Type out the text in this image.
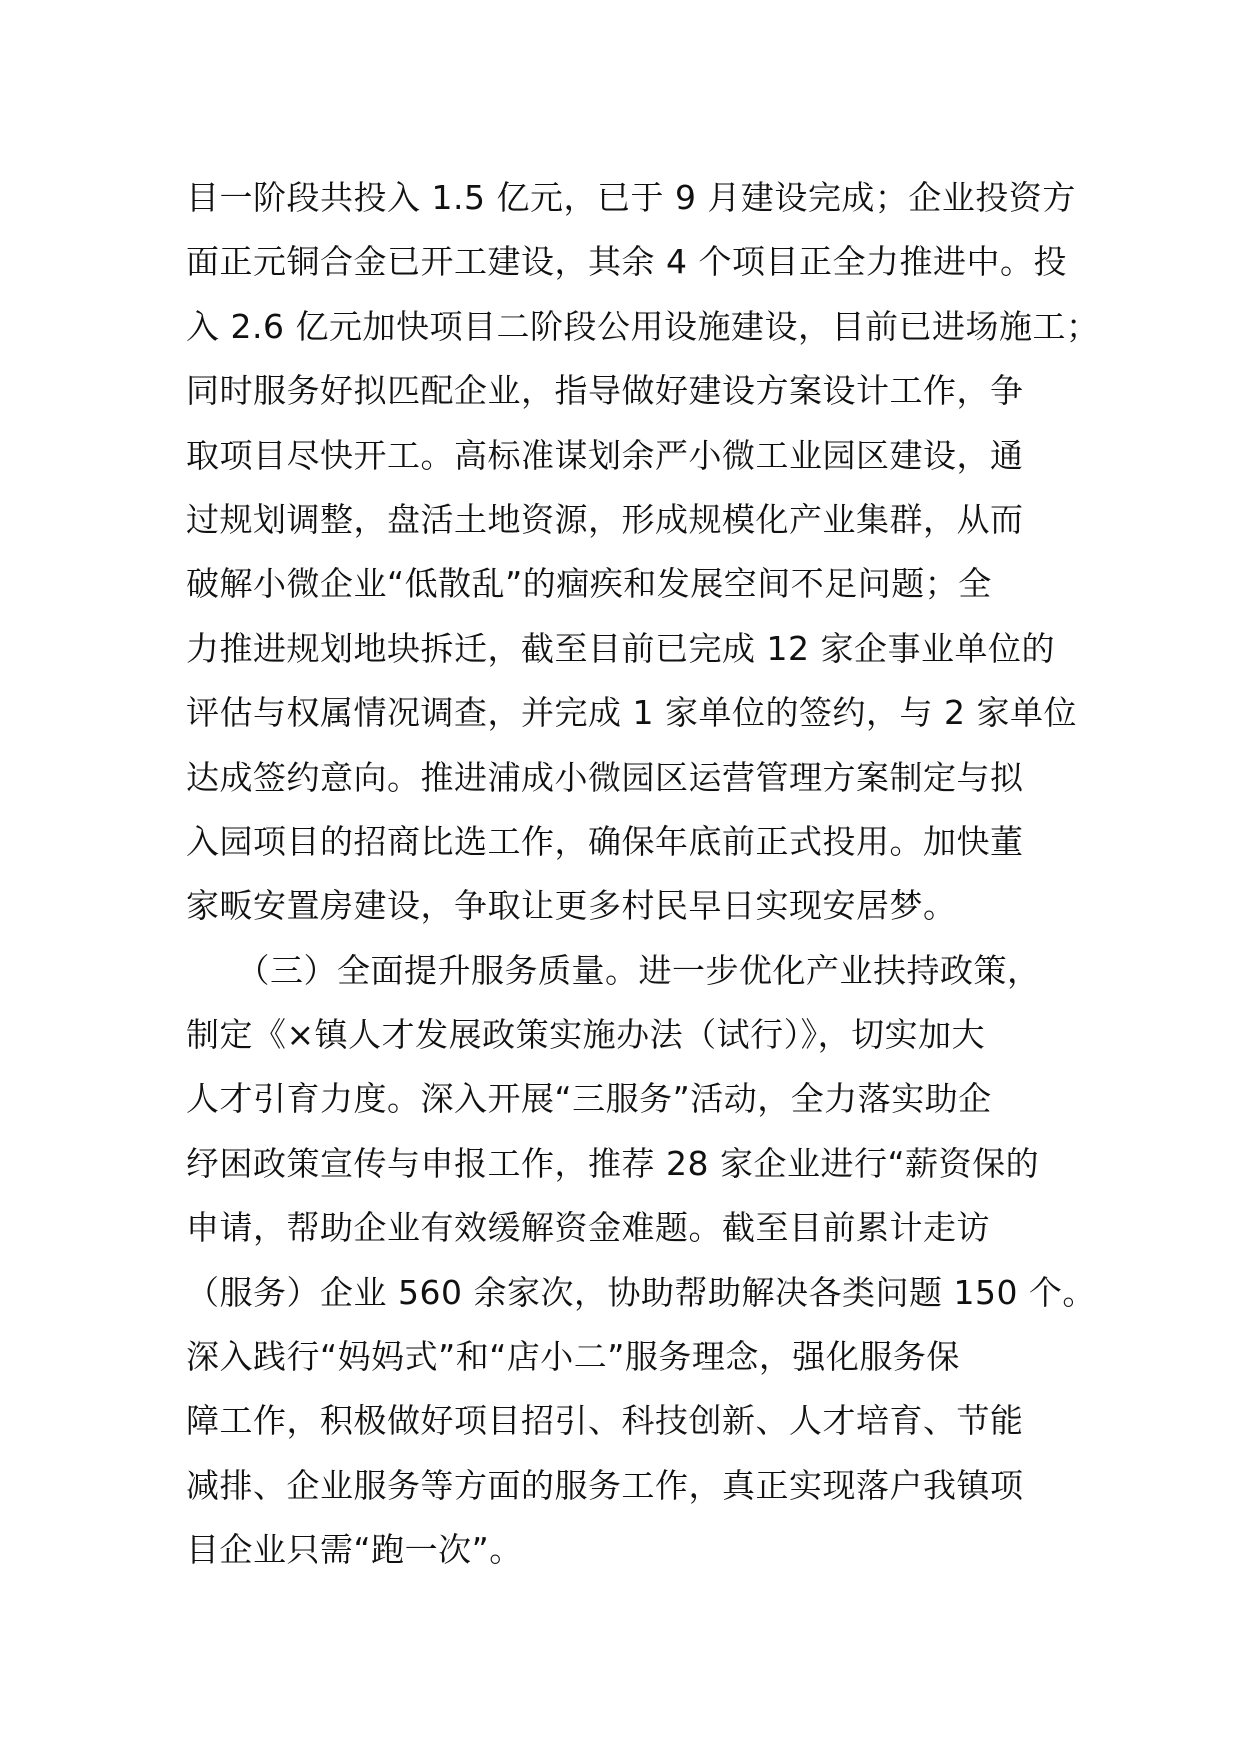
目一阶段共投入 1.5 亿元，已于 9 月建设完成；企业投资方
面正元铜合金已开工建设，其余 4 个项目正全力推进中。投
入 2.6 亿元加快项目二阶段公用设施建设，目前已进场施工；
同时服务好拟匹配企业，指导做好建设方案设计工作，争
取项目尽快开工。高标准谋划余严小微工业园区建设，通
过规划调整，盘活土地资源，形成规模化产业集群，从而
破解小微企业“低散乱”的痼疾和发展空间不足问题；全
力推进规划地块拆迁，截至目前已完成 12 家企事业单位的
评估与权属情况调查，并完成 1 家单位的签约，与 2 家单位
达成签约意向。推进浦成小微园区运营管理方案制定与拟
入园项目的招商比选工作，确保年底前正式投用。加快董
家畈安置房建设，争取让更多村民早日实现安居梦。
　　（三）全面提升服务质量。进一步优化产业扶持政策，
制定《×镇人才发展政策实施办法（试行）》，切实加大
人才引育力度。深入开展“三服务”活动，全力落实助企
纾困政策宣传与申报工作，推荐 28 家企业进行“薪资保的
申请，帮助企业有效缓解资金难题。截至目前累计走访
（服务）企业 560 余家次，协助帮助解决各类问题 150 个。
深入践行“妈妈式”和“店小二”服务理念，强化服务保
障工作，积极做好项目招引、科技创新、人才培育、节能
减排、企业服务等方面的服务工作，真正实现落户我镇项
目企业只需“跑一次”。
